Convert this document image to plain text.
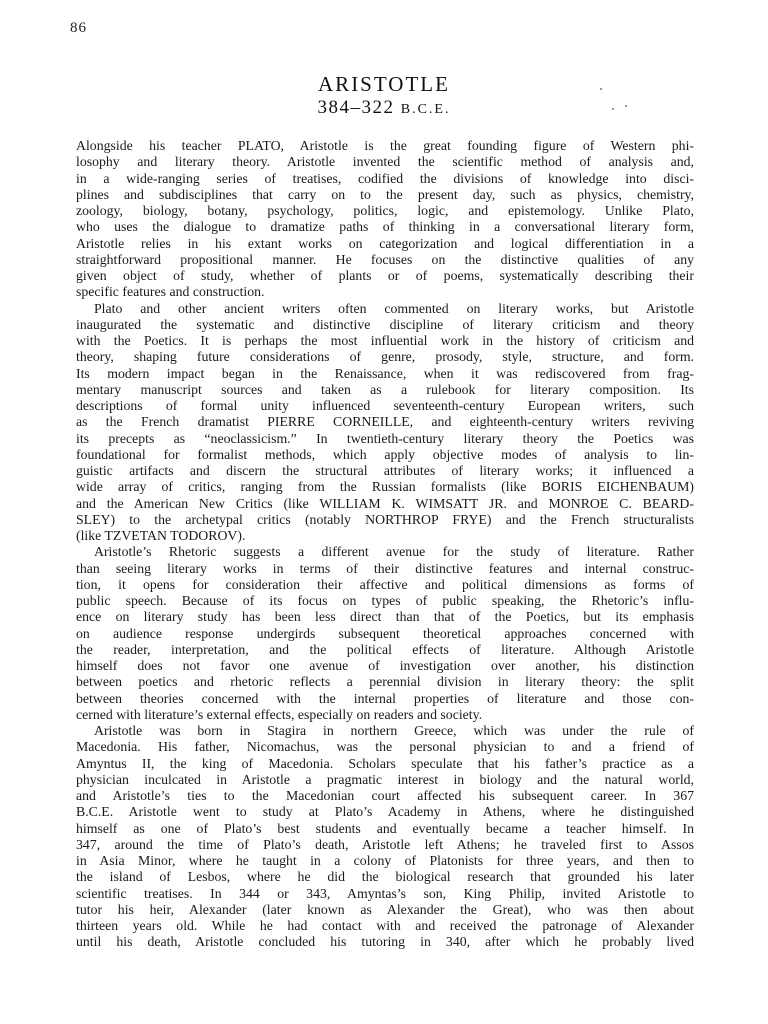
86
ARISTOTLE
384–322 B.C.E.
Alongside his teacher PLATO, Aristotle is the great founding figure of Western phi-
losophy and literary theory. Aristotle invented the scientific method of analysis and,
in a wide-ranging series of treatises, codified the divisions of knowledge into disci-
plines and subdisciplines that carry on to the present day, such as physics, chemistry,
zoology, biology, botany, psychology, politics, logic, and epistemology. Unlike Plato,
who uses the dialogue to dramatize paths of thinking in a conversational literary form,
Aristotle relies in his extant works on categorization and logical differentiation in a
straightforward propositional manner. He focuses on the distinctive qualities of any
given object of study, whether of plants or of poems, systematically describing their
specific features and construction.
Plato and other ancient writers often commented on literary works, but Aristotle
inaugurated the systematic and distinctive discipline of literary criticism and theory
with the Poetics. It is perhaps the most influential work in the history of criticism and
theory, shaping future considerations of genre, prosody, style, structure, and form.
Its modern impact began in the Renaissance, when it was rediscovered from frag-
mentary manuscript sources and taken as a rulebook for literary composition. Its
descriptions of formal unity influenced seventeenth-century European writers, such
as the French dramatist PIERRE CORNEILLE, and eighteenth-century writers reviving
its precepts as “neoclassicism.” In twentieth-century literary theory the Poetics was
foundational for formalist methods, which apply objective modes of analysis to lin-
guistic artifacts and discern the structural attributes of literary works; it influenced a
wide array of critics, ranging from the Russian formalists (like BORIS EICHENBAUM)
and the American New Critics (like WILLIAM K. WIMSATT JR. and MONROE C. BEARD-
SLEY) to the archetypal critics (notably NORTHROP FRYE) and the French structuralists
(like TZVETAN TODOROV).
Aristotle’s Rhetoric suggests a different avenue for the study of literature. Rather
than seeing literary works in terms of their distinctive features and internal construc-
tion, it opens for consideration their affective and political dimensions as forms of
public speech. Because of its focus on types of public speaking, the Rhetoric’s influ-
ence on literary study has been less direct than that of the Poetics, but its emphasis
on audience response undergirds subsequent theoretical approaches concerned with
the reader, interpretation, and the political effects of literature. Although Aristotle
himself does not favor one avenue of investigation over another, his distinction
between poetics and rhetoric reflects a perennial division in literary theory: the split
between theories concerned with the internal properties of literature and those con-
cerned with literature’s external effects, especially on readers and society.
Aristotle was born in Stagira in northern Greece, which was under the rule of
Macedonia. His father, Nicomachus, was the personal physician to and a friend of
Amyntus II, the king of Macedonia. Scholars speculate that his father’s practice as a
physician inculcated in Aristotle a pragmatic interest in biology and the natural world,
and Aristotle’s ties to the Macedonian court affected his subsequent career. In 367
B.C.E. Aristotle went to study at Plato’s Academy in Athens, where he distinguished
himself as one of Plato’s best students and eventually became a teacher himself. In
347, around the time of Plato’s death, Aristotle left Athens; he traveled first to Assos
in Asia Minor, where he taught in a colony of Platonists for three years, and then to
the island of Lesbos, where he did the biological research that grounded his later
scientific treatises. In 344 or 343, Amyntas’s son, King Philip, invited Aristotle to
tutor his heir, Alexander (later known as Alexander the Great), who was then about
thirteen years old. While he had contact with and received the patronage of Alexander
until his death, Aristotle concluded his tutoring in 340, after which he probably lived
